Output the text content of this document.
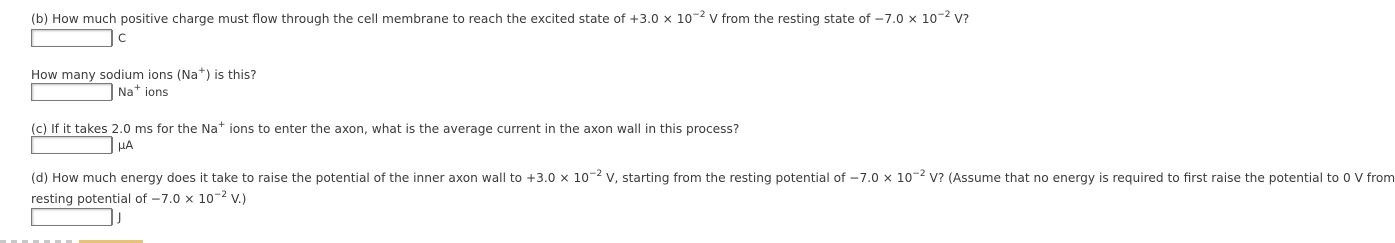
(b) How much positive charge must flow through the cell membrane to reach the excited state of $+3.0 \times 10^{-2}$ V from the resting state of $-7.0 \times 10^{-2}$ V?
C
How many sodium ions (Na+) is this?
Na+ ions
(c) If it takes 2.0 ms for the Na+ ions to enter the axon, what is the average current in the axon wall in this process?
μA
(d) How much energy does it take to raise the potential of the inner axon wall to $+3.0 \times 10^{-2}$ V, starting from the resting potential of $-7.0 \times 10^{-2}$ V? (Assume that no energy is required to first raise the potential to 0 V from
resting potential of $-7.0 \times 10^{-2}$ V.)
J
